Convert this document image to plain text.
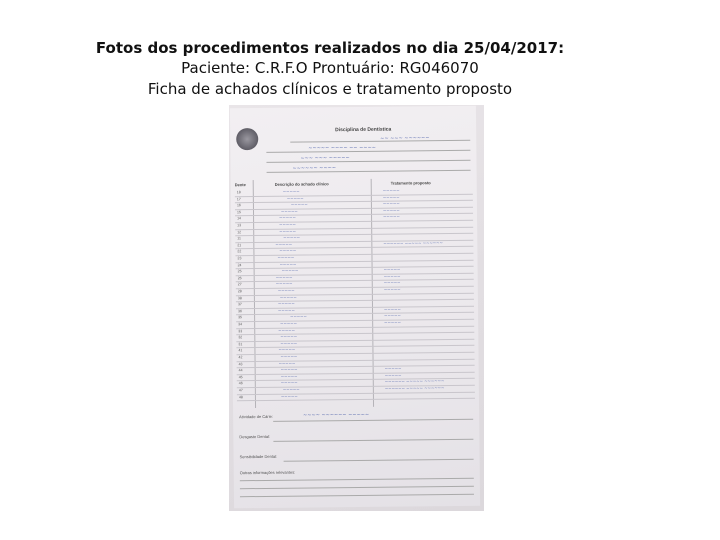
Fotos dos procedimentos realizados no dia 25/04/2017:
Paciente: C.R.F.O Prontuário: RG046070
Ficha de achados clínicos e tratamento proposto
Disciplina de Dentística
~~~~~ ~~~~ ~~ ~~~~
~~~ ~~~ ~~~~~
~~~~~~ ~~~~
~~ ~~~ ~~~~~~
Dente	Descrição do achado clínico	Tratamento proposto
18	~~~~~	~~~~~
17	~~~~~	~~~~~
16	~~~~~	~~~~~
15	~~~~~	~~~~~
14	~~~~~	~~~~~
13	~~~~~
12	~~~~~
11	~~~~~
21	~~~~~	~~~~~~ ~~~~~ ~~~~~~
22	~~~~~
23	~~~~~
24	~~~~~
25	~~~~~	~~~~~
26	~~~~~	~~~~~
27	~~~~~	~~~~~
28	~~~~~	~~~~~
38	~~~~~
37	~~~~~
36	~~~~~	~~~~~
35	~~~~~	~~~~~
34	~~~~~	~~~~~
33	~~~~~
32	~~~~~
31	~~~~~
41	~~~~~
42	~~~~~
43	~~~~~
44	~~~~~	~~~~~
45	~~~~~	~~~~~
46	~~~~~	~~~~~~ ~~~~~ ~~~~~~
47	~~~~~	~~~~~~ ~~~~~ ~~~~~~
48	~~~~~
Atividade de Cárie:	~~~~ ~~~~~~ ~~~~~
Desgaste Dental:
Sensibilidade Dental:
Outras informações relevantes:
